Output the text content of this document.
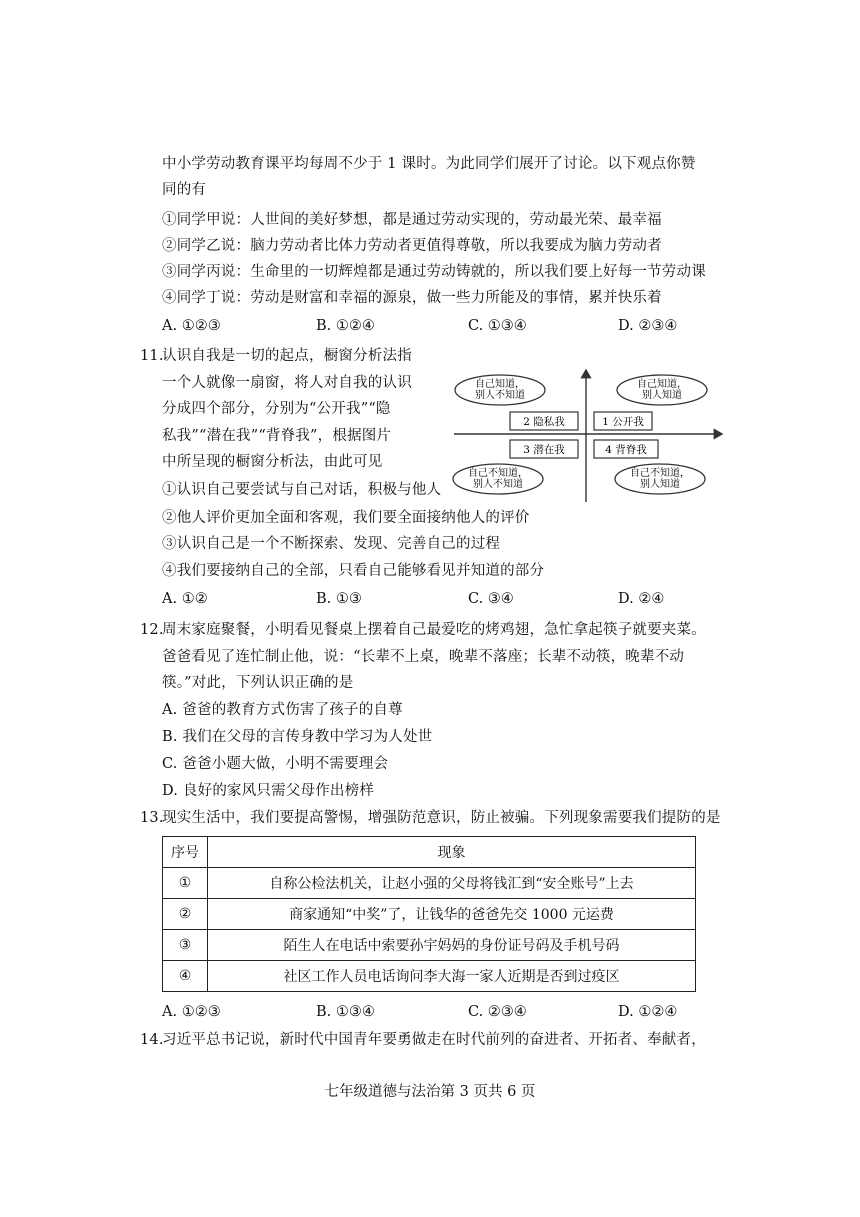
中小学劳动教育课平均每周不少于 1 课时。为此同学们展开了讨论。以下观点你赞
同的有
①同学甲说：人世间的美好梦想，都是通过劳动实现的，劳动最光荣、最幸福
②同学乙说：脑力劳动者比体力劳动者更值得尊敬，所以我要成为脑力劳动者
③同学丙说：生命里的一切辉煌都是通过劳动铸就的，所以我们要上好每一节劳动课
④同学丁说：劳动是财富和幸福的源泉，做一些力所能及的事情，累并快乐着
A. ①②③	B. ①②④	C. ①③④	D. ②③④
11.
认识自我是一切的起点，橱窗分析法指
一个人就像一扇窗，将人对自我的认识
分成四个部分，分别为“公开我”“隐
私我”“潜在我”“背脊我”，根据图片
中所呈现的橱窗分析法，由此可见
①认识自己要尝试与自己对话，积极与他人
②他人评价更加全面和客观，我们要全面接纳他人的评价
③认识自己是一个不断探索、发现、完善自己的过程
④我们要接纳自己的全部，只看自己能够看见并知道的部分
A. ①②	B. ①③	C. ③④	D. ②④
自己知道，
别人不知道
自己知道，
别人知道
自己不知道，
别人不知道
自己不知道，
别人知道
2 隐私我	1 公开我
3 潜在我	4 背脊我
12.
周末家庭聚餐，小明看见餐桌上摆着自己最爱吃的烤鸡翅，急忙拿起筷子就要夹菜。
爸爸看见了连忙制止他，说：“长辈不上桌，晚辈不落座；长辈不动筷，晚辈不动
筷。”对此，下列认识正确的是
A. 爸爸的教育方式伤害了孩子的自尊
B. 我们在父母的言传身教中学习为人处世
C. 爸爸小题大做，小明不需要理会
D. 良好的家风只需父母作出榜样
13.
现实生活中，我们要提高警惕，增强防范意识，防止被骗。下列现象需要我们提防的是
序号	现象
①	自称公检法机关，让赵小强的父母将钱汇到“安全账号”上去
②	商家通知“中奖”了，让钱华的爸爸先交 1000 元运费
③	陌生人在电话中索要孙宇妈妈的身份证号码及手机号码
④	社区工作人员电话询问李大海一家人近期是否到过疫区
A. ①②③	B. ①③④	C. ②③④	D. ①②④
14.
习近平总书记说，新时代中国青年要勇做走在时代前列的奋进者、开拓者、奉献者，
七年级道德与法治第 3 页共 6 页
